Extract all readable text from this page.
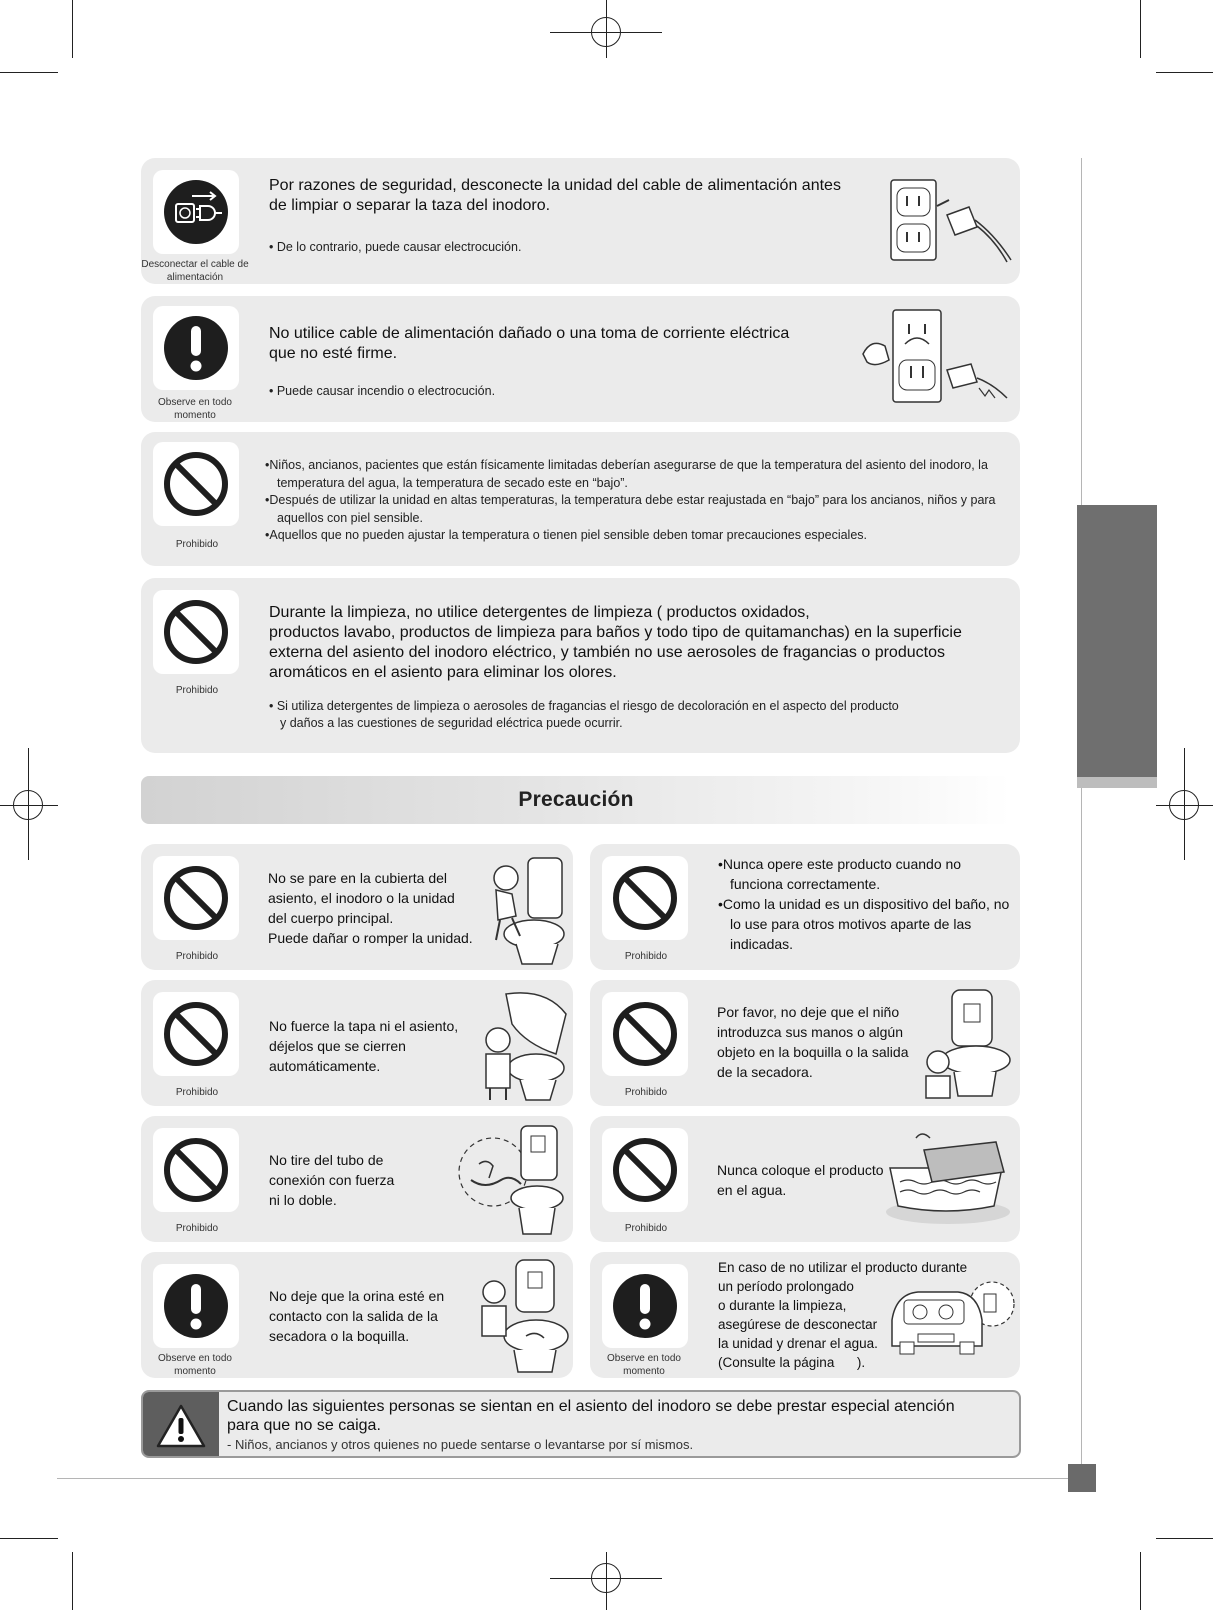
Desconectar el cable de alimentación
Por razones de seguridad, desconecte la unidad del cable de alimentación antes
de limpiar o separar la taza del inodoro.
• De lo contrario, puede causar electrocución.
Observe en todo momento
No utilice cable de alimentación dañado o una toma de corriente eléctrica
que no esté firme.
• Puede causar incendio o electrocución.
Prohibido
• Niños, ancianos, pacientes que están físicamente limitadas deberían asegurarse de que la temperatura del asiento del inodoro, la temperatura del agua, la temperatura de secado este en “bajo”.
• Después de utilizar la unidad en altas temperaturas, la temperatura debe estar reajustada en “bajo” para los ancianos, niños y para aquellos con piel sensible.
• Aquellos que no pueden ajustar la temperatura o tienen piel sensible deben tomar precauciones especiales.
Prohibido
Durante la limpieza, no utilice detergentes de limpieza ( productos oxidados,
productos lavabo, productos de limpieza para baños y todo tipo de quitamanchas) en la superficie
externa del asiento del inodoro eléctrico, y también no use aerosoles de fragancias o productos
aromáticos en el asiento para eliminar los olores.
• Si utiliza detergentes de limpieza o aerosoles de fragancias el riesgo de decoloración en el aspecto del producto
y daños a las cuestiones de seguridad eléctrica puede ocurrir.
Precaución
Prohibido
No se pare en la cubierta del
asiento, el inodoro o la unidad
del cuerpo principal.
Puede dañar o romper la unidad.
Prohibido
• Nunca opere este producto cuando no funciona correctamente.
• Como la unidad es un dispositivo del baño, no lo use para otros motivos aparte de las indicadas.
Prohibido
No fuerce la tapa ni el asiento,
déjelos que se cierren
automáticamente.
Prohibido
Por favor, no deje que el niño
introduzca sus manos o algún
objeto en la boquilla o la salida
de la secadora.
Prohibido
No tire del tubo de
conexión con fuerza
ni lo doble.
Prohibido
Nunca coloque el producto
en el agua.
Observe en todo momento
No deje que la orina esté en
contacto con la salida de la
secadora o la boquilla.
Observe en todo momento
En caso de no utilizar el producto durante
un período prolongado
o durante la limpieza,
asegúrese de desconectar
la unidad y drenar el agua.
(Consulte la página      ).
Cuando las siguientes personas se sientan en el asiento del inodoro se debe prestar especial atención
para que no se caiga.
- Niños, ancianos y otros quienes no puede sentarse o levantarse por sí mismos.
